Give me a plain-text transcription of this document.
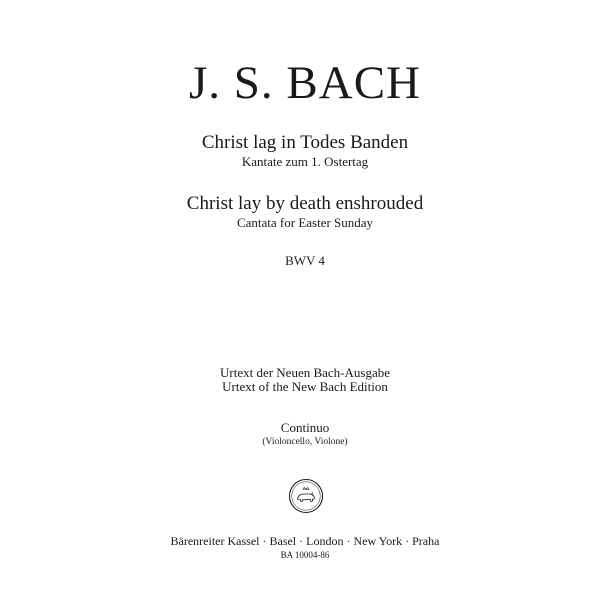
J. S. BACH
Christ lag in Todes Banden
Kantate zum 1. Ostertag
Christ lay by death enshrouded
Cantata for Easter Sunday
BWV 4
Urtext der Neuen Bach-Ausgabe
Urtext of the New Bach Edition
Continuo
(Violoncello, Violone)
Bärenreiter Kassel · Basel · London · New York · Praha
BA 10004-86
